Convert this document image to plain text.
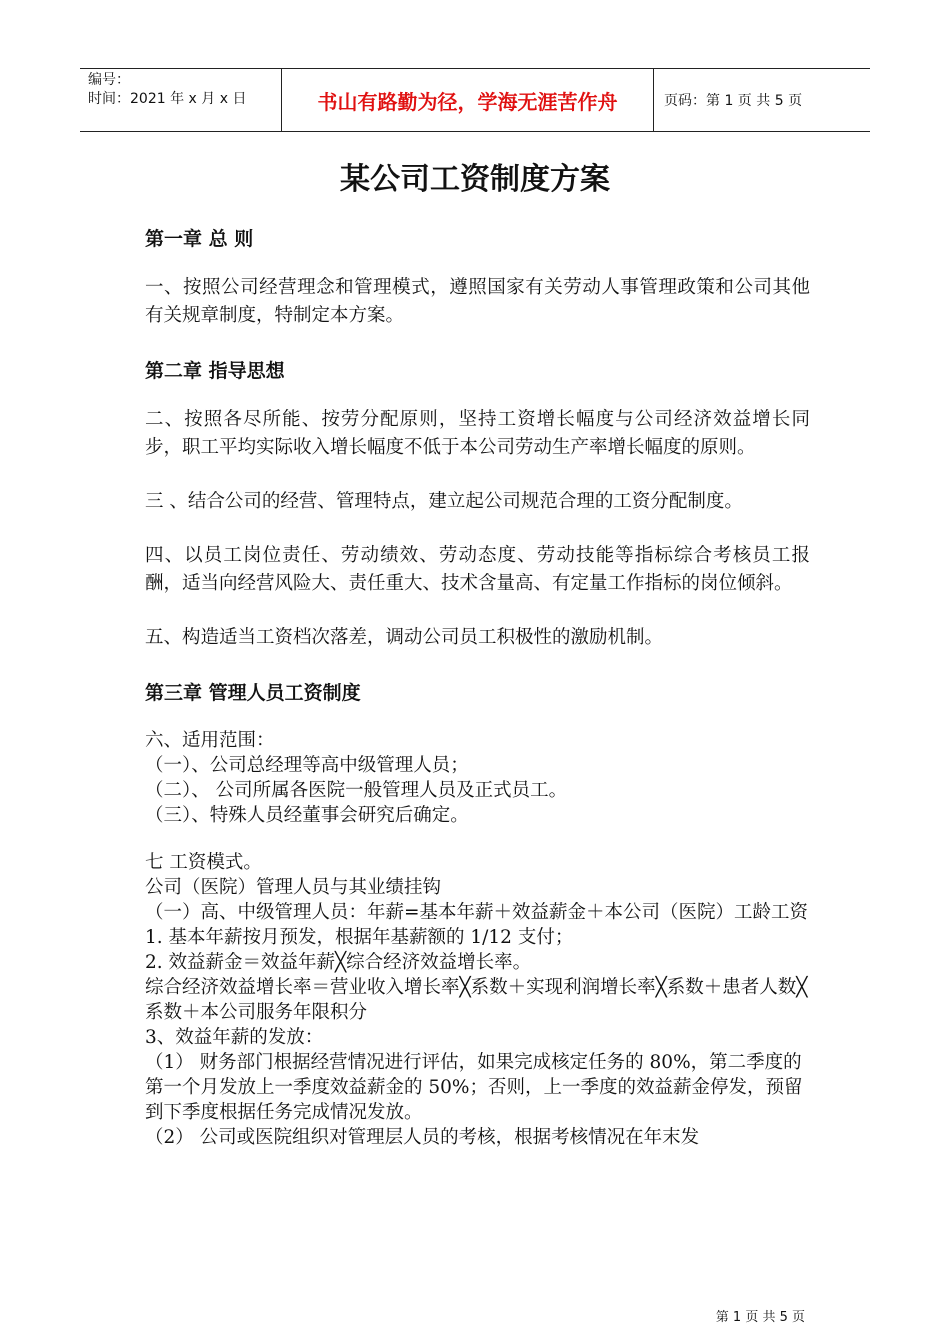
编号：
时间：2021 年 x 月 x 日	书山有路勤为径，学海无涯苦作舟	页码：第 1 页 共 5 页
某公司工资制度方案
第一章 总 则
一、按照公司经营理念和管理模式，遵照国家有关劳动人事管理政策和公司其他有关规章制度，特制定本方案。
第二章 指导思想
二、按照各尽所能、按劳分配原则，坚持工资增长幅度与公司经济效益增长同步，职工平均实际收入增长幅度不低于本公司劳动生产率增长幅度的原则。
三 、结合公司的经营、管理特点，建立起公司规范合理的工资分配制度。
四、以员工岗位责任、劳动绩效、劳动态度、劳动技能等指标综合考核员工报酬，适当向经营风险大、责任重大、技术含量高、有定量工作指标的岗位倾斜。
五、构造适当工资档次落差，调动公司员工积极性的激励机制。
第三章 管理人员工资制度
六、适用范围：
（一）、公司总经理等高中级管理人员；
（二）、 公司所属各医院一般管理人员及正式员工。
（三）、特殊人员经董事会研究后确定。
七 工资模式。
公司（医院）管理人员与其业绩挂钩
（一）高、中级管理人员：年薪=基本年薪＋效益薪金＋本公司（医院）工龄工资
1. 基本年薪按月预发，根据年基薪额的 1/12 支付；
2. 效益薪金＝效益年薪╳综合经济效益增长率。
综合经济效益增长率＝营业收入增长率╳系数＋实现利润增长率╳系数＋患者人数╳系数＋本公司服务年限积分
3、效益年薪的发放：
（1） 财务部门根据经营情况进行评估，如果完成核定任务的 80%，第二季度的第一个月发放上一季度效益薪金的 50%；否则，上一季度的效益薪金停发，预留到下季度根据任务完成情况发放。
（2） 公司或医院组织对管理层人员的考核，根据考核情况在年末发
第 1 页 共 5 页
